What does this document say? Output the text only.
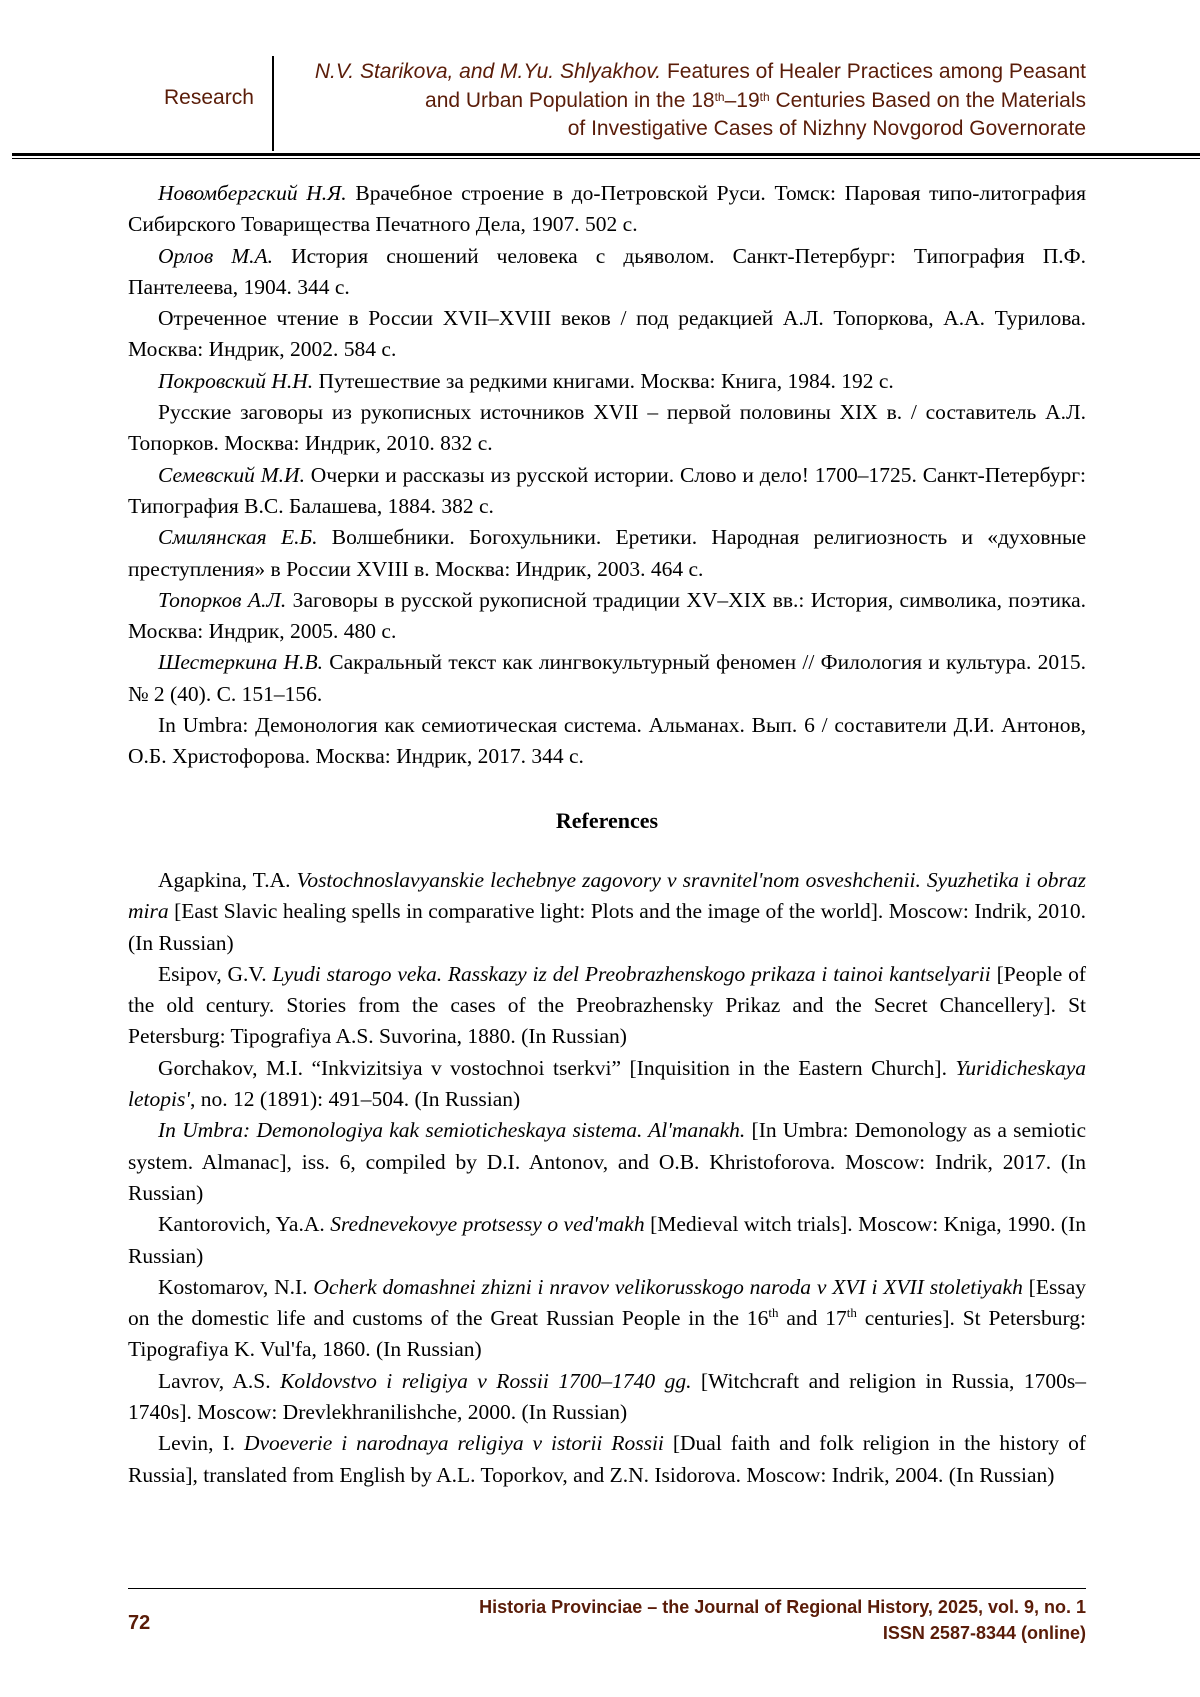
Research
N.V. Starikova, and M.Yu. Shlyakhov. Features of Healer Practices among Peasant
and Urban Population in the 18th–19th Centuries Based on the Materials
of Investigative Cases of Nizhny Novgorod Governorate

Новомбергский Н.Я. Врачебное строение в до-Петровской Руси. Томск: Паровая типо-литография Сибирского Товарищества Печатного Дела, 1907. 502 с.

Орлов М.А. История сношений человека с дьяволом. Санкт-Петербург: Типография П.Ф. Пантелеева, 1904. 344 с.

Отреченное чтение в России XVII–XVIII веков / под редакцией А.Л. Топоркова, А.А. Турилова. Москва: Индрик, 2002. 584 с.

Покровский Н.Н. Путешествие за редкими книгами. Москва: Книга, 1984. 192 с.

Русские заговоры из рукописных источников XVII – первой половины XIX в. / составитель А.Л. Топорков. Москва: Индрик, 2010. 832 с.

Семевский М.И. Очерки и рассказы из русской истории. Слово и дело! 1700–1725. Санкт-Петербург: Типография В.С. Балашева, 1884. 382 с.

Смилянская Е.Б. Волшебники. Богохульники. Еретики. Народная религиозность и «духовные преступления» в России XVIII в. Москва: Индрик, 2003. 464 с.

Топорков А.Л. Заговоры в русской рукописной традиции XV–XIX вв.: История, символика, поэтика. Москва: Индрик, 2005. 480 с.

Шестеркина Н.В. Сакральный текст как лингвокультурный феномен // Филология и культура. 2015. № 2 (40). С. 151–156.

In Umbra: Демонология как семиотическая система. Альманах. Вып. 6 / составители Д.И. Антонов, О.Б. Христофорова. Москва: Индрик, 2017. 344 с.

References

Agapkina, T.A. Vostochnoslavyanskie lechebnye zagovory v sravnitel'nom osveshchenii. Syuzhetika i obraz mira [East Slavic healing spells in comparative light: Plots and the image of the world]. Moscow: Indrik, 2010. (In Russian)

Esipov, G.V. Lyudi starogo veka. Rasskazy iz del Preobrazhenskogo prikaza i tainoi kantselyarii [People of the old century. Stories from the cases of the Preobrazhensky Prikaz and the Secret Chancellery]. St Petersburg: Tipografiya A.S. Suvorina, 1880. (In Russian)

Gorchakov, M.I. “Inkvizitsiya v vostochnoi tserkvi” [Inquisition in the Eastern Church]. Yuridicheskaya letopis', no. 12 (1891): 491–504. (In Russian)

In Umbra: Demonologiya kak semioticheskaya sistema. Al'manakh. [In Umbra: Demonology as a semiotic system. Almanac], iss. 6, compiled by D.I. Antonov, and O.B. Khristoforova. Moscow: Indrik, 2017. (In Russian)

Kantorovich, Ya.A. Srednevekovye protsessy o ved'makh [Medieval witch trials]. Moscow: Kniga, 1990. (In Russian)

Kostomarov, N.I. Ocherk domashnei zhizni i nravov velikorusskogo naroda v XVI i XVII stoletiyakh [Essay on the domestic life and customs of the Great Russian People in the 16th and 17th centuries]. St Petersburg: Tipografiya K. Vul'fa, 1860. (In Russian)

Lavrov, A.S. Koldovstvo i religiya v Rossii 1700–1740 gg. [Witchcraft and religion in Russia, 1700s–1740s]. Moscow: Drevlekhranilishche, 2000. (In Russian)

Levin, I. Dvoeverie i narodnaya religiya v istorii Rossii [Dual faith and folk religion in the history of Russia], translated from English by A.L. Toporkov, and Z.N. Isidorova. Moscow: Indrik, 2004. (In Russian)

72
Historia Provinciae – the Journal of Regional History, 2025, vol. 9, no. 1
ISSN 2587-8344 (online)
